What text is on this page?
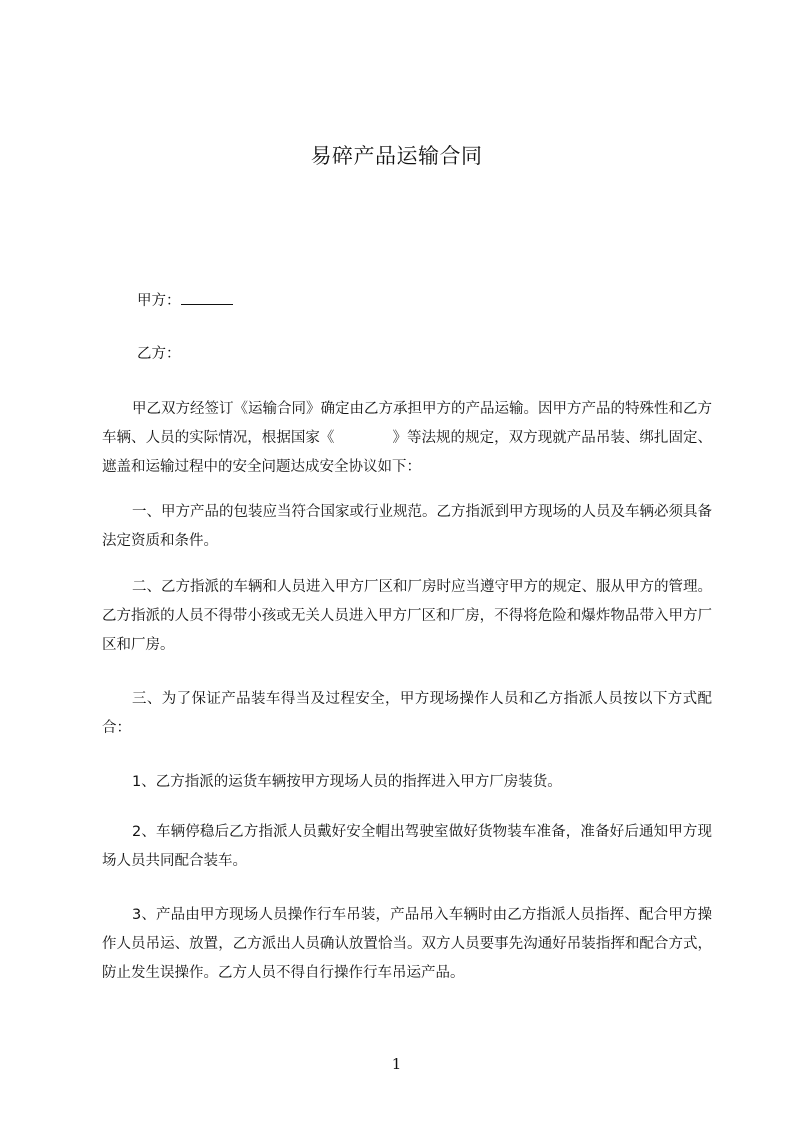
易碎产品运输合同
甲方：
乙方：

甲乙双方经签订《运输合同》确定由乙方承担甲方的产品运输。因甲方产品的特殊性和乙方车辆、人员的实际情况，根据国家《	》等法规的规定，双方现就产品吊装、绑扎固定、遮盖和运输过程中的安全问题达成安全协议如下：

一、甲方产品的包装应当符合国家或行业规范。乙方指派到甲方现场的人员及车辆必须具备法定资质和条件。

二、乙方指派的车辆和人员进入甲方厂区和厂房时应当遵守甲方的规定、服从甲方的管理。乙方指派的人员不得带小孩或无关人员进入甲方厂区和厂房，不得将危险和爆炸物品带入甲方厂区和厂房。

三、为了保证产品装车得当及过程安全，甲方现场操作人员和乙方指派人员按以下方式配合：

1、乙方指派的运货车辆按甲方现场人员的指挥进入甲方厂房装货。

2、车辆停稳后乙方指派人员戴好安全帽出驾驶室做好货物装车准备，准备好后通知甲方现场人员共同配合装车。

3、产品由甲方现场人员操作行车吊装，产品吊入车辆时由乙方指派人员指挥、配合甲方操作人员吊运、放置，乙方派出人员确认放置恰当。双方人员要事先沟通好吊装指挥和配合方式，防止发生误操作。乙方人员不得自行操作行车吊运产品。

1
